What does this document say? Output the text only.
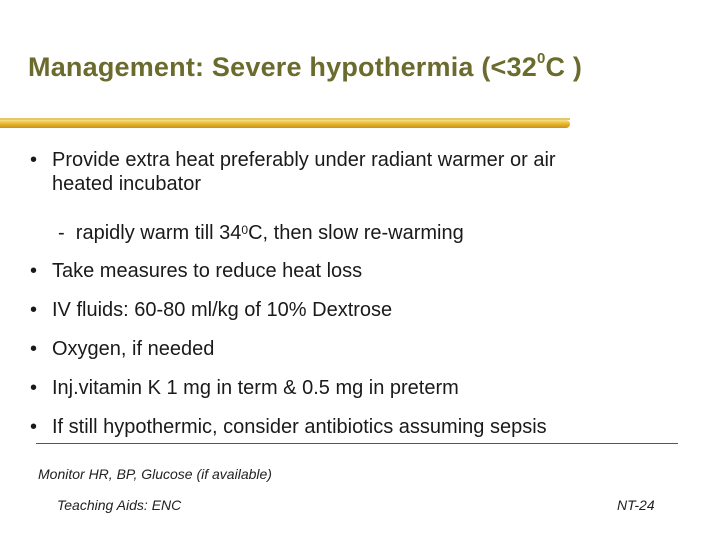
Management: Severe hypothermia ($<32^0C$ )
• Provide extra heat preferably under radiant warmer or air
heated incubator
- rapidly warm till $34^0C$, then slow re-warming
• Take measures to reduce heat loss
• IV fluids: 60-80 ml/kg of 10% Dextrose
• Oxygen, if needed
• Inj.vitamin K 1 mg in term & 0.5 mg in preterm
• If still hypothermic, consider antibiotics assuming sepsis
Monitor HR, BP, Glucose (if available)
Teaching Aids: ENC	NT-24
